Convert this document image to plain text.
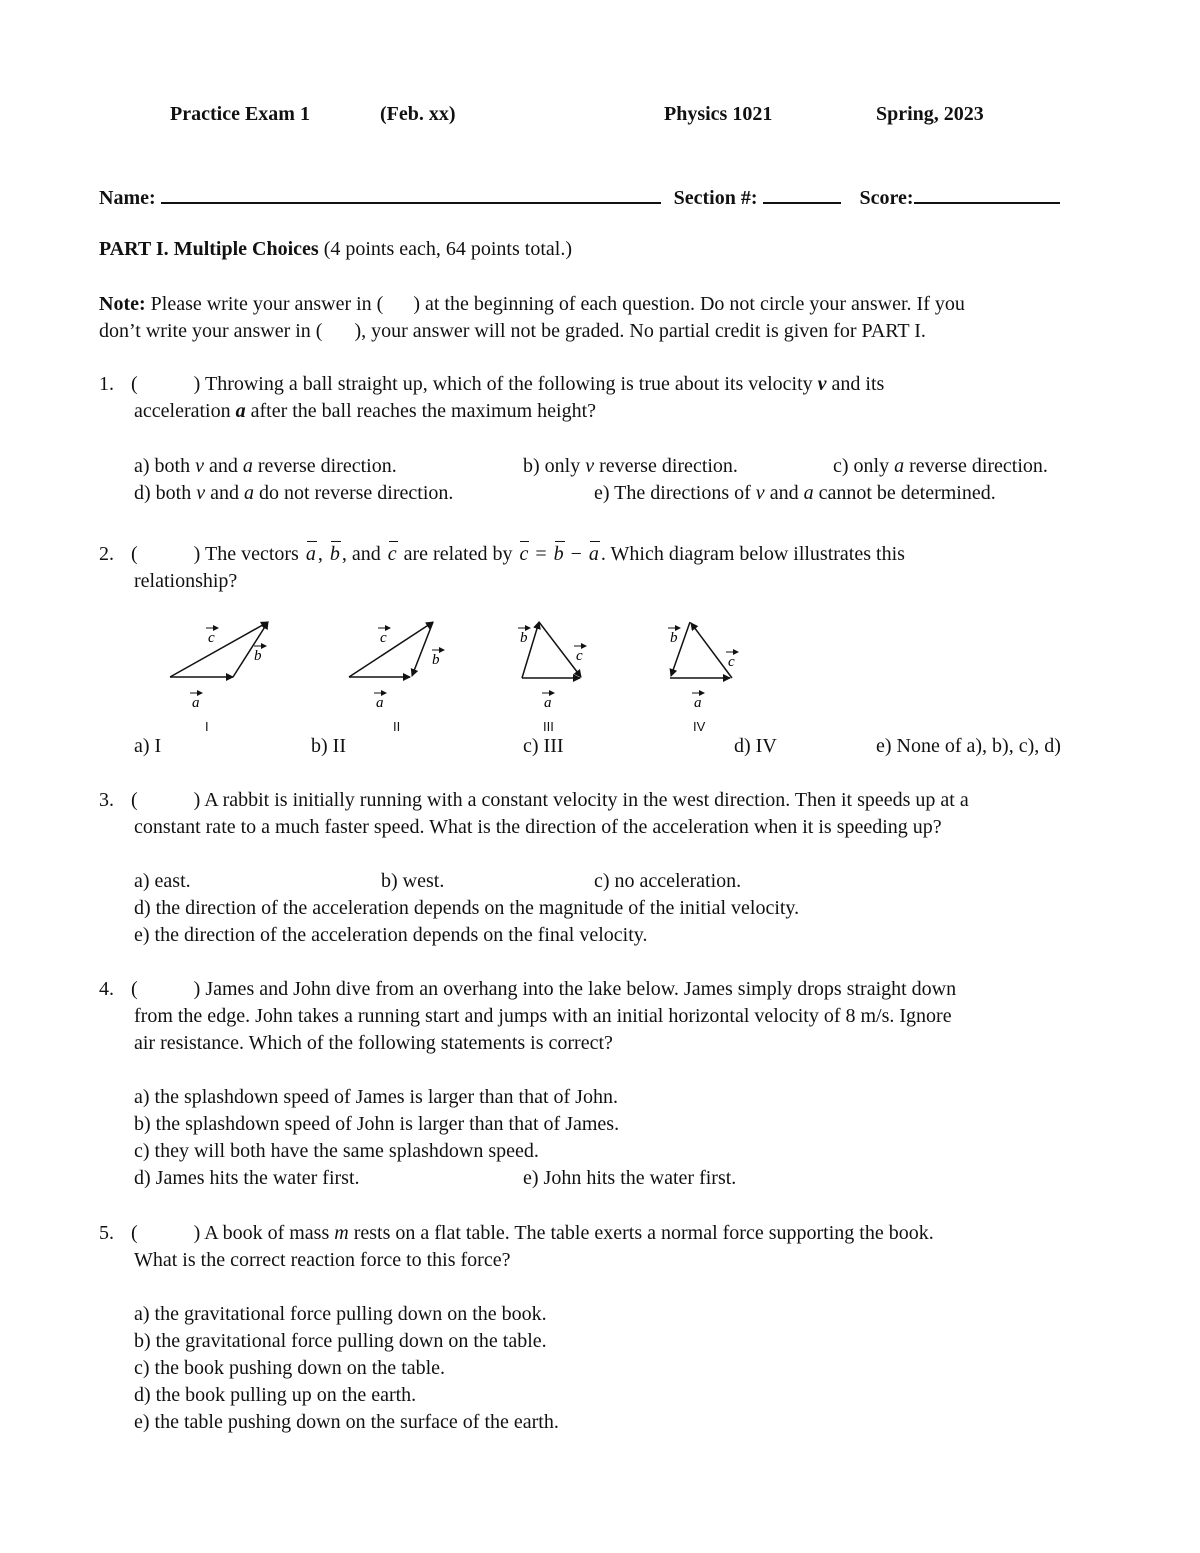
Practice Exam 1	(Feb. xx)	Physics 1021	Spring, 2023
Name:	Section #:	Score:
PART I. Multiple Choices (4 points each, 64 points total.)
Note: Please write your answer in ( ) at the beginning of each question. Do not circle your answer. If you
don’t write your answer in ( ), your answer will not be graded. No partial credit is given for PART I.
1. (	) Throwing a ball straight up, which of the following is true about its velocity v and its
acceleration a after the ball reaches the maximum height?
a) both v and a reverse direction.	b) only v reverse direction.	c) only a reverse direction.
d) both v and a do not reverse direction.	e) The directions of v and a cannot be determined.
2. (	) The vectors a , b , and c are related by c = b − a . Which diagram below illustrates this
relationship?
a
b
c
a
b
c
a
b
c
a
b
c
I	II	III	IV
a) I	b) II	c) III	d) IV	e) None of a), b), c), d)
3. (	) A rabbit is initially running with a constant velocity in the west direction. Then it speeds up at a
constant rate to a much faster speed. What is the direction of the acceleration when it is speeding up?
a) east.	b) west.	c) no acceleration.
d) the direction of the acceleration depends on the magnitude of the initial velocity.
e) the direction of the acceleration depends on the final velocity.
4. (	) James and John dive from an overhang into the lake below. James simply drops straight down
from the edge. John takes a running start and jumps with an initial horizontal velocity of 8 m/s. Ignore
air resistance. Which of the following statements is correct?
a) the splashdown speed of James is larger than that of John.
b) the splashdown speed of John is larger than that of James.
c) they will both have the same splashdown speed.
d) James hits the water first.	e) John hits the water first.
5. (	) A book of mass m rests on a flat table. The table exerts a normal force supporting the book.
What is the correct reaction force to this force?
a) the gravitational force pulling down on the book.
b) the gravitational force pulling down on the table.
c) the book pushing down on the table.
d) the book pulling up on the earth.
e) the table pushing down on the surface of the earth.
